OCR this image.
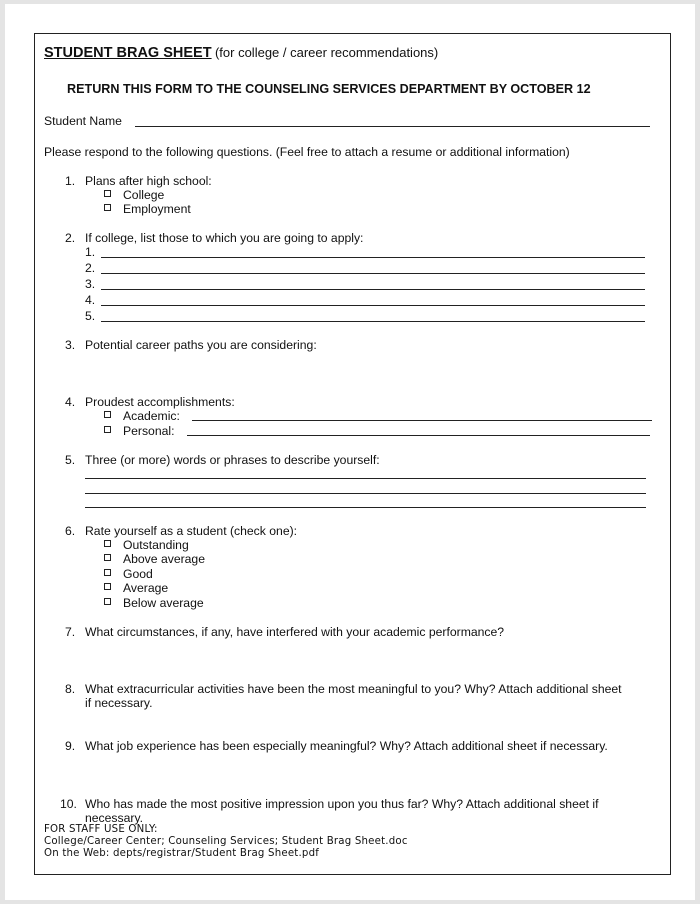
STUDENT BRAG SHEET (for college / career recommendations)
RETURN THIS FORM TO THE COUNSELING SERVICES DEPARTMENT BY OCTOBER 12
Student Name
Please respond to the following questions. (Feel free to attach a resume or additional information)
1. Plans after high school:
College
Employment
2. If college, list those to which you are going to apply:
1.
2.
3.
4.
5.
3. Potential career paths you are considering:
4. Proudest accomplishments:
Academic:
Personal:
5. Three (or more) words or phrases to describe yourself:
6. Rate yourself as a student (check one):
Outstanding
Above average
Good
Average
Below average
7. What circumstances, if any, have interfered with your academic performance?
8. What extracurricular activities have been the most meaningful to you? Why? Attach additional sheet
if necessary.
9. What job experience has been especially meaningful? Why? Attach additional sheet if necessary.
10. Who has made the most positive impression upon you thus far? Why? Attach additional sheet if
necessary.
FOR STAFF USE ONLY:
College/Career Center; Counseling Services; Student Brag Sheet.doc
On the Web: depts/registrar/Student Brag Sheet.pdf
